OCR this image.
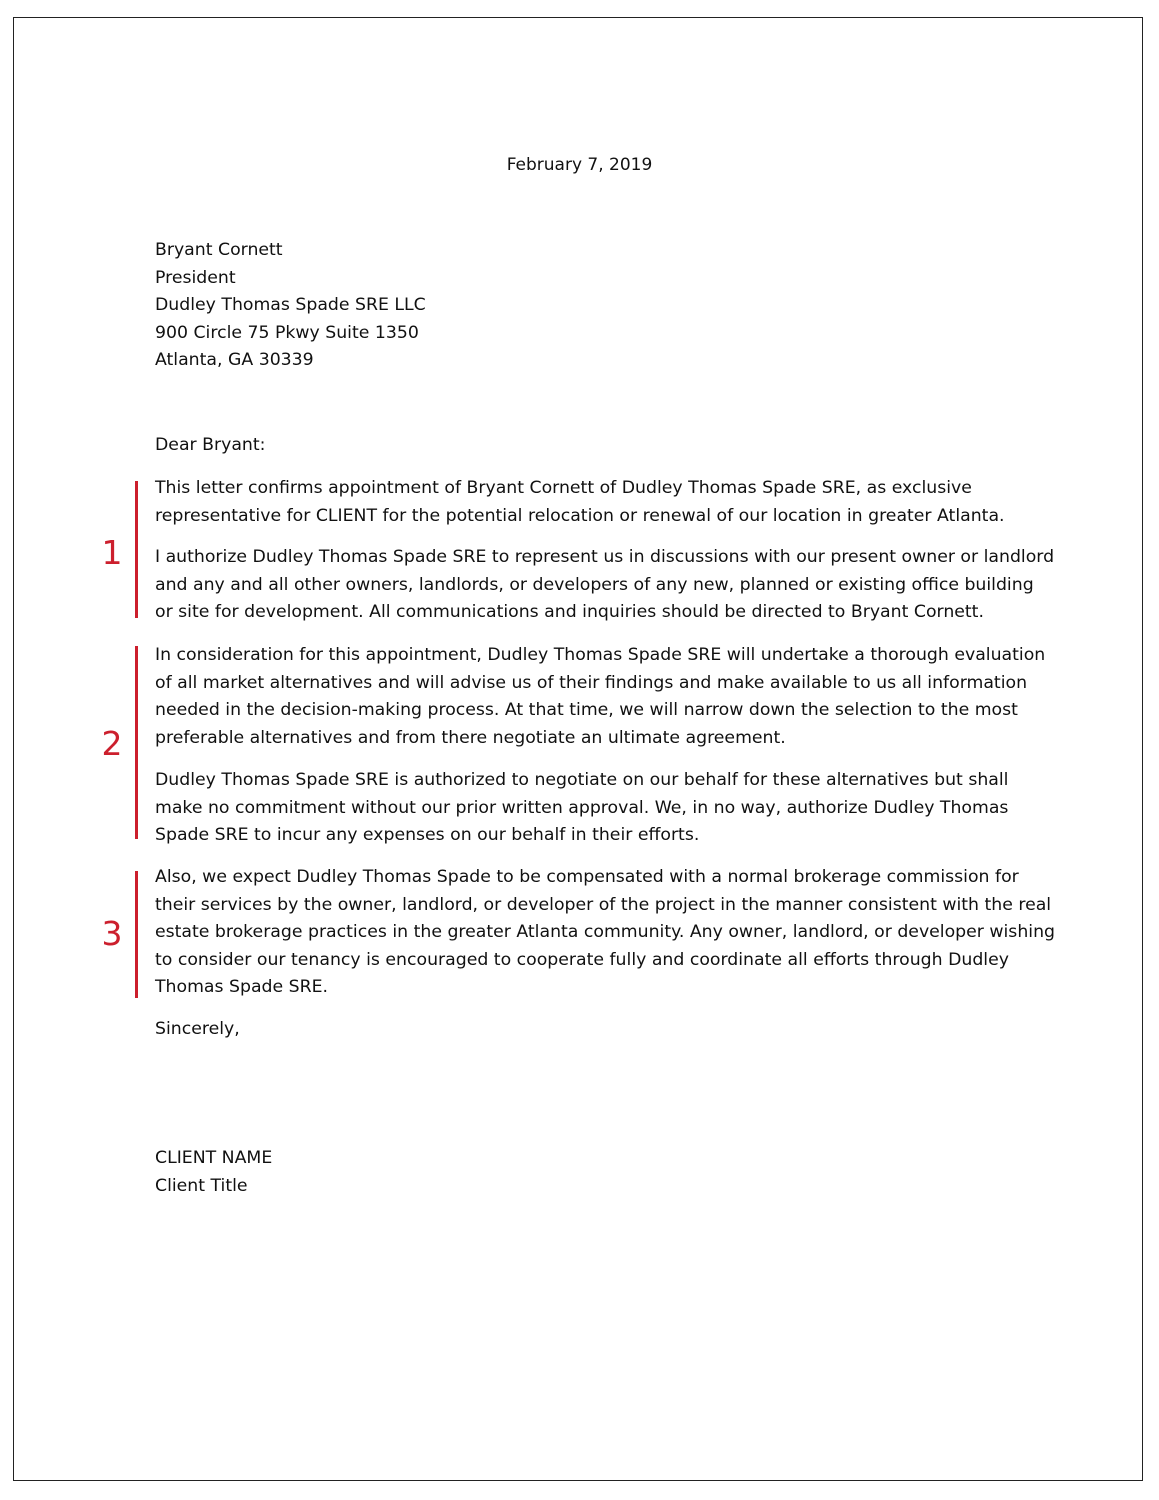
February 7, 2019
Bryant Cornett
President
Dudley Thomas Spade SRE LLC
900 Circle 75 Pkwy Suite 1350
Atlanta, GA 30339

Dear Bryant:

This letter confirms appointment of Bryant Cornett of Dudley Thomas Spade SRE, as exclusive representative for CLIENT for the potential relocation or renewal of our location in greater Atlanta.

I authorize Dudley Thomas Spade SRE to represent us in discussions with our present owner or landlord and any and all other owners, landlords, or developers of any new, planned or existing office building or site for development. All communications and inquiries should be directed to Bryant Cornett.

In consideration for this appointment, Dudley Thomas Spade SRE will undertake a thorough evaluation of all market alternatives and will advise us of their findings and make available to us all information needed in the decision-making process. At that time, we will narrow down the selection to the most preferable alternatives and from there negotiate an ultimate agreement.

Dudley Thomas Spade SRE is authorized to negotiate on our behalf for these alternatives but shall make no commitment without our prior written approval. We, in no way, authorize Dudley Thomas Spade SRE to incur any expenses on our behalf in their efforts.

Also, we expect Dudley Thomas Spade to be compensated with a normal brokerage commission for their services by the owner, landlord, or developer of the project in the manner consistent with the real estate brokerage practices in the greater Atlanta community. Any owner, landlord, or developer wishing to consider our tenancy is encouraged to cooperate fully and coordinate all efforts through Dudley Thomas Spade SRE.

Sincerely,

CLIENT NAME
Client Title
1
2
3
